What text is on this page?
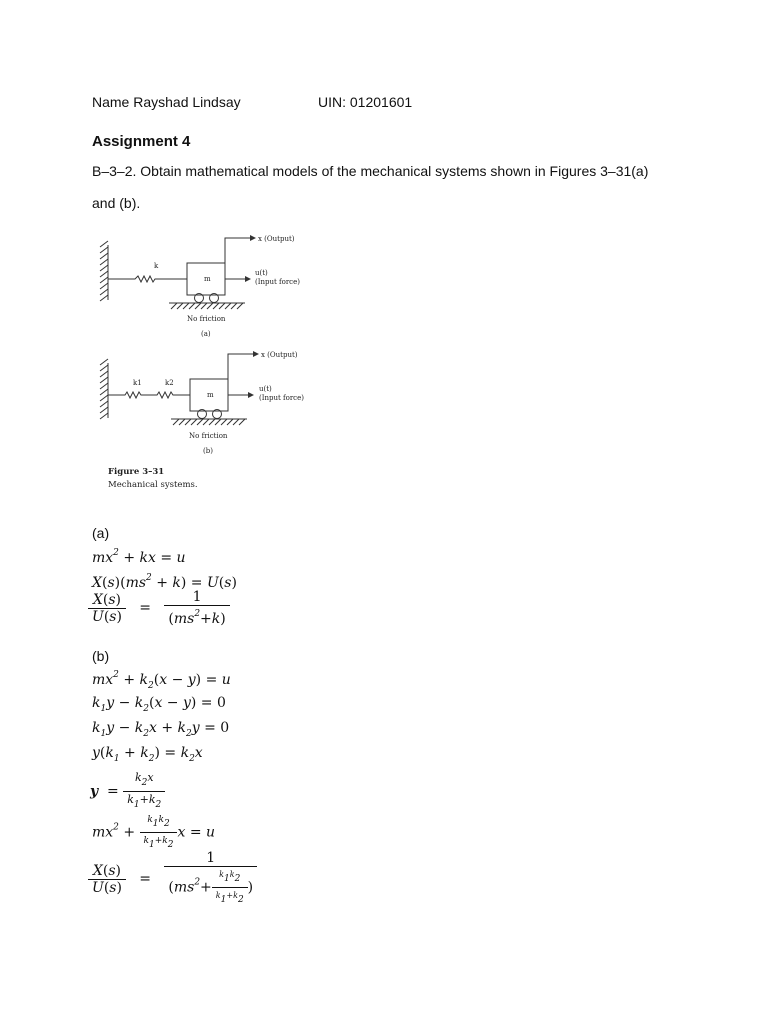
Name Rayshad Lindsay	UIN: 01201601
Assignment 4
B–3–2. Obtain mathematical models of the mechanical systems shown in Figures 3–31(a)
and (b).
x (Output)
u(t)
(Input force)
m
k
No friction
(a)
x (Output)
u(t)
(Input force)
m
k1	k2
No friction
(b)
Figure 3–31
Mechanical systems.
(a)
$mx^2$ + kx = u
$X(s)(ms^2 + k) = U(s)$
$\frac{X(s)}{U(s)} = \frac{1}{(ms^2+k)}$
(b)
$mx^2 + k_2(x - y) = u$
$k_1y - k_2(x - y) = 0$
$k_1y - k_2x + k_2y = 0$
$y(k_1 + k_2) = k_2x$
$y = \frac{k_2x}{k_1+k_2}$
$mx^2 + \frac{k_1k_2}{k_1+k_2}$ x = u
$\frac{X(s)}{U(s)} = \frac{1}{(ms^2+ \frac{k_1k_2}{k_1+k_2} )}$
